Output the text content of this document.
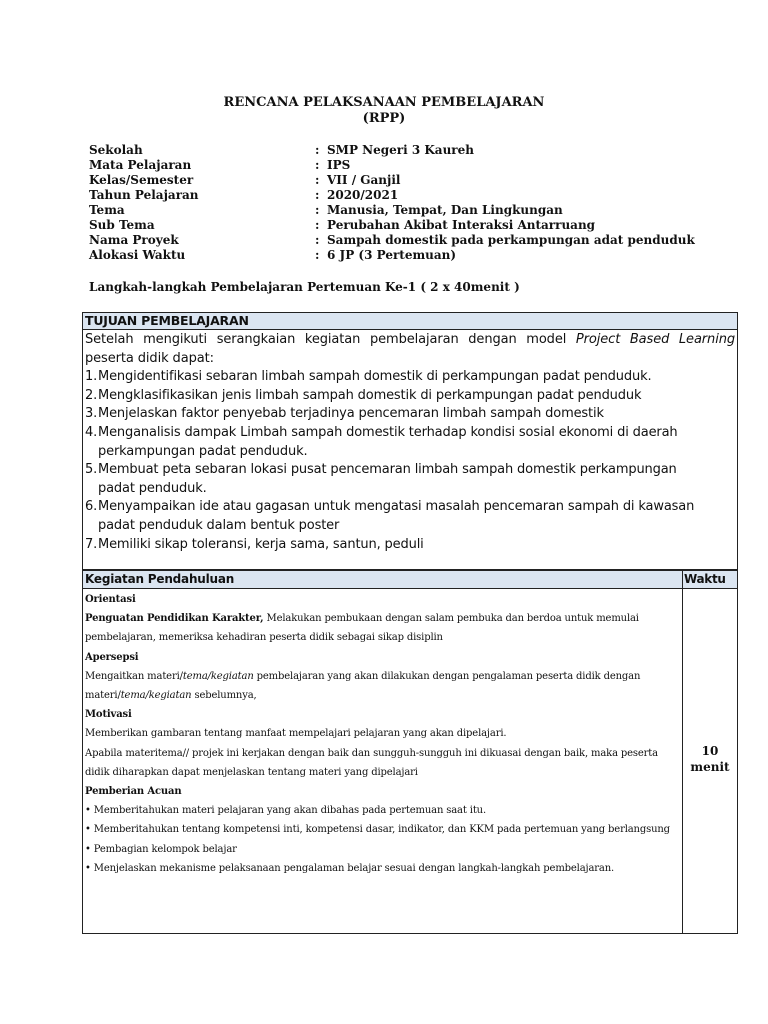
RENCANA PELAKSANAAN PEMBELAJARAN
(RPP)
Sekolah	: SMP Negeri 3 Kaureh
Mata Pelajaran	: IPS
Kelas/Semester	: VII / Ganjil
Tahun Pelajaran	: 2020/2021
Tema	: Manusia, Tempat, Dan Lingkungan
Sub Tema	: Perubahan Akibat Interaksi Antarruang
Nama Proyek	: Sampah domestik pada perkampungan adat penduduk
Alokasi Waktu	: 6 JP (3 Pertemuan)
Langkah-langkah Pembelajaran Pertemuan Ke-1 ( 2 x 40menit )
TUJUAN PEMBELAJARAN
Setelah mengikuti serangkaian kegiatan pembelajaran dengan model Project Based Learning
peserta didik dapat:
1. Mengidentifikasi sebaran limbah sampah domestik di perkampungan padat penduduk.
2. Mengklasifikasikan jenis limbah sampah domestik di perkampungan padat penduduk
3. Menjelaskan faktor penyebab terjadinya pencemaran limbah sampah domestik
4. Menganalisis dampak Limbah sampah domestik terhadap kondisi sosial ekonomi di daerah
perkampungan padat penduduk.
5. Membuat peta sebaran lokasi pusat pencemaran limbah sampah domestik perkampungan
padat penduduk.
6. Menyampaikan ide atau gagasan untuk mengatasi masalah pencemaran sampah di kawasan
padat penduduk dalam bentuk poster
7. Memiliki sikap toleransi, kerja sama, santun, peduli
Kegiatan Pendahuluan	Waktu
Orientasi
Penguatan Pendidikan Karakter, Melakukan pembukaan dengan salam pembuka dan berdoa untuk memulai
pembelajaran, memeriksa kehadiran peserta didik sebagai sikap disiplin
Apersepsi
Mengaitkan materi/tema/kegiatan pembelajaran yang akan dilakukan dengan pengalaman peserta didik dengan
materi/tema/kegiatan sebelumnya,
Motivasi
Memberikan gambaran tentang manfaat mempelajari pelajaran yang akan dipelajari.
Apabila materitema// projek ini kerjakan dengan baik dan sungguh-sungguh ini dikuasai dengan baik, maka peserta
didik diharapkan dapat menjelaskan tentang materi yang dipelajari
Pemberian Acuan
• Memberitahukan materi pelajaran yang akan dibahas pada pertemuan saat itu.
• Memberitahukan tentang kompetensi inti, kompetensi dasar, indikator, dan KKM pada pertemuan yang berlangsung
• Pembagian kelompok belajar
• Menjelaskan mekanisme pelaksanaan pengalaman belajar sesuai dengan langkah-langkah pembelajaran.
10
menit
